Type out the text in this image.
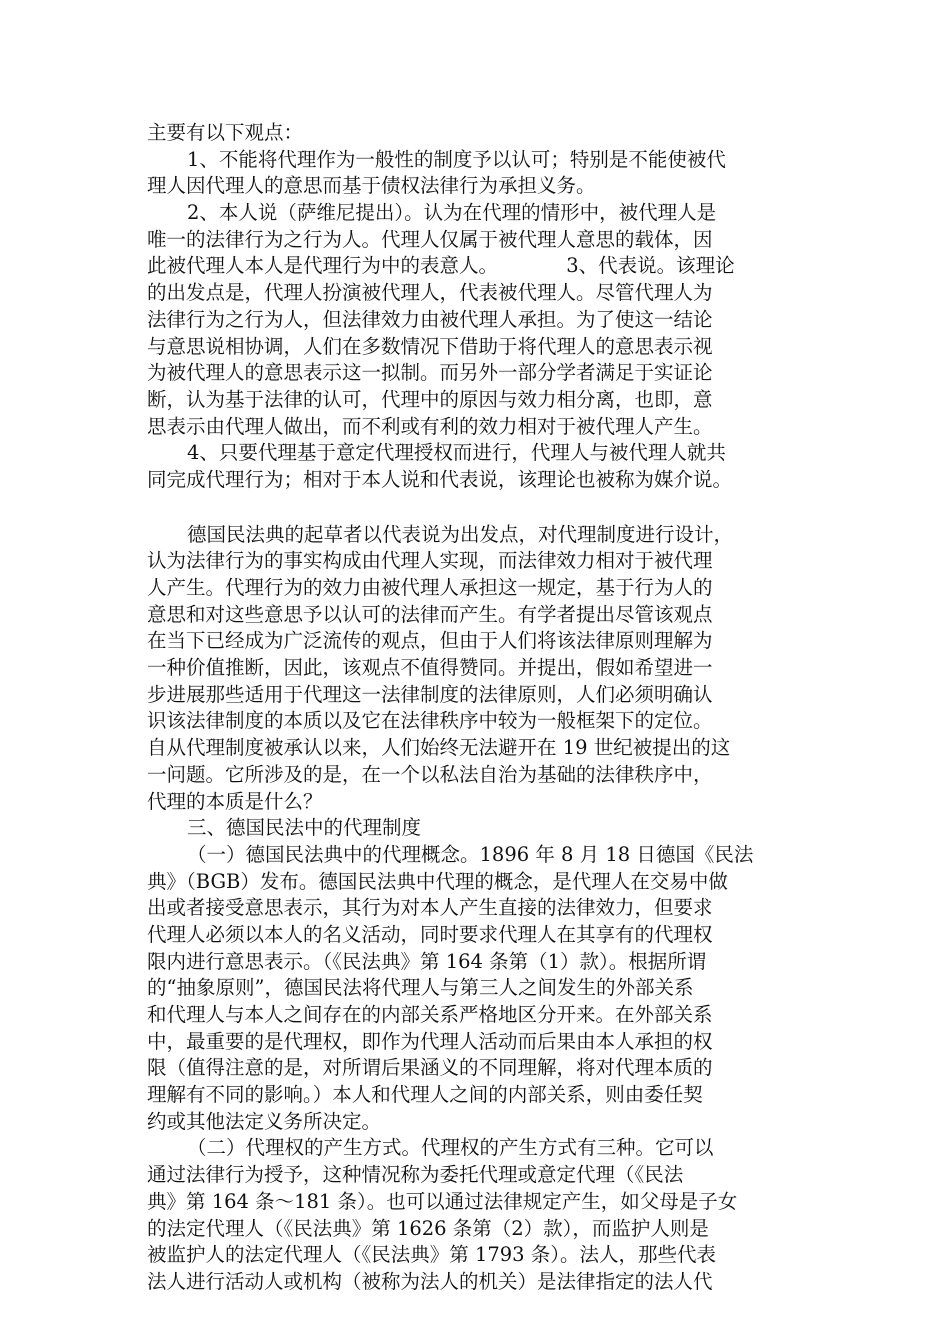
主要有以下观点：
1、不能将代理作为一般性的制度予以认可；特别是不能使被代
理人因代理人的意思而基于债权法律行为承担义务。
2、本人说（萨维尼提出）。认为在代理的情形中，被代理人是
唯一的法律行为之行为人。代理人仅属于被代理人意思的载体，因
此被代理人本人是代理行为中的表意人。　　　　3、代表说。该理论
的出发点是，代理人扮演被代理人，代表被代理人。尽管代理人为
法律行为之行为人，但法律效力由被代理人承担。为了使这一结论
与意思说相协调，人们在多数情况下借助于将代理人的意思表示视
为被代理人的意思表示这一拟制。而另外一部分学者满足于实证论
断，认为基于法律的认可，代理中的原因与效力相分离，也即，意
思表示由代理人做出，而不利或有利的效力相对于被代理人产生。
4、只要代理基于意定代理授权而进行，代理人与被代理人就共
同完成代理行为；相对于本人说和代表说，该理论也被称为媒介说。
德国民法典的起草者以代表说为出发点，对代理制度进行设计，
认为法律行为的事实构成由代理人实现，而法律效力相对于被代理
人产生。代理行为的效力由被代理人承担这一规定，基于行为人的
意思和对这些意思予以认可的法律而产生。有学者提出尽管该观点
在当下已经成为广泛流传的观点，但由于人们将该法律原则理解为
一种价值推断，因此，该观点不值得赞同。并提出，假如希望进一
步进展那些适用于代理这一法律制度的法律原则，人们必须明确认
识该法律制度的本质以及它在法律秩序中较为一般框架下的定位。
自从代理制度被承认以来，人们始终无法避开在 19 世纪被提出的这
一问题。它所涉及的是，在一个以私法自治为基础的法律秩序中，
代理的本质是什么？
三、德国民法中的代理制度
（一）德国民法典中的代理概念。1896 年 8 月 18 日德国《民法
典》（BGB）发布。德国民法典中代理的概念，是代理人在交易中做
出或者接受意思表示，其行为对本人产生直接的法律效力，但要求
代理人必须以本人的名义活动，同时要求代理人在其享有的代理权
限内进行意思表示。（《民法典》第 164 条第（1）款）。根据所谓
的“抽象原则”，德国民法将代理人与第三人之间发生的外部关系
和代理人与本人之间存在的内部关系严格地区分开来。在外部关系
中，最重要的是代理权，即作为代理人活动而后果由本人承担的权
限（值得注意的是，对所谓后果涵义的不同理解，将对代理本质的
理解有不同的影响。）本人和代理人之间的内部关系，则由委任契
约或其他法定义务所决定。
（二）代理权的产生方式。代理权的产生方式有三种。它可以
通过法律行为授予，这种情况称为委托代理或意定代理（《民法
典》第 164 条～181 条）。也可以通过法律规定产生，如父母是子女
的法定代理人（《民法典》第 1626 条第（2）款），而监护人则是
被监护人的法定代理人（《民法典》第 1793 条）。法人，那些代表
法人进行活动人或机构（被称为法人的机关）是法律指定的法人代
